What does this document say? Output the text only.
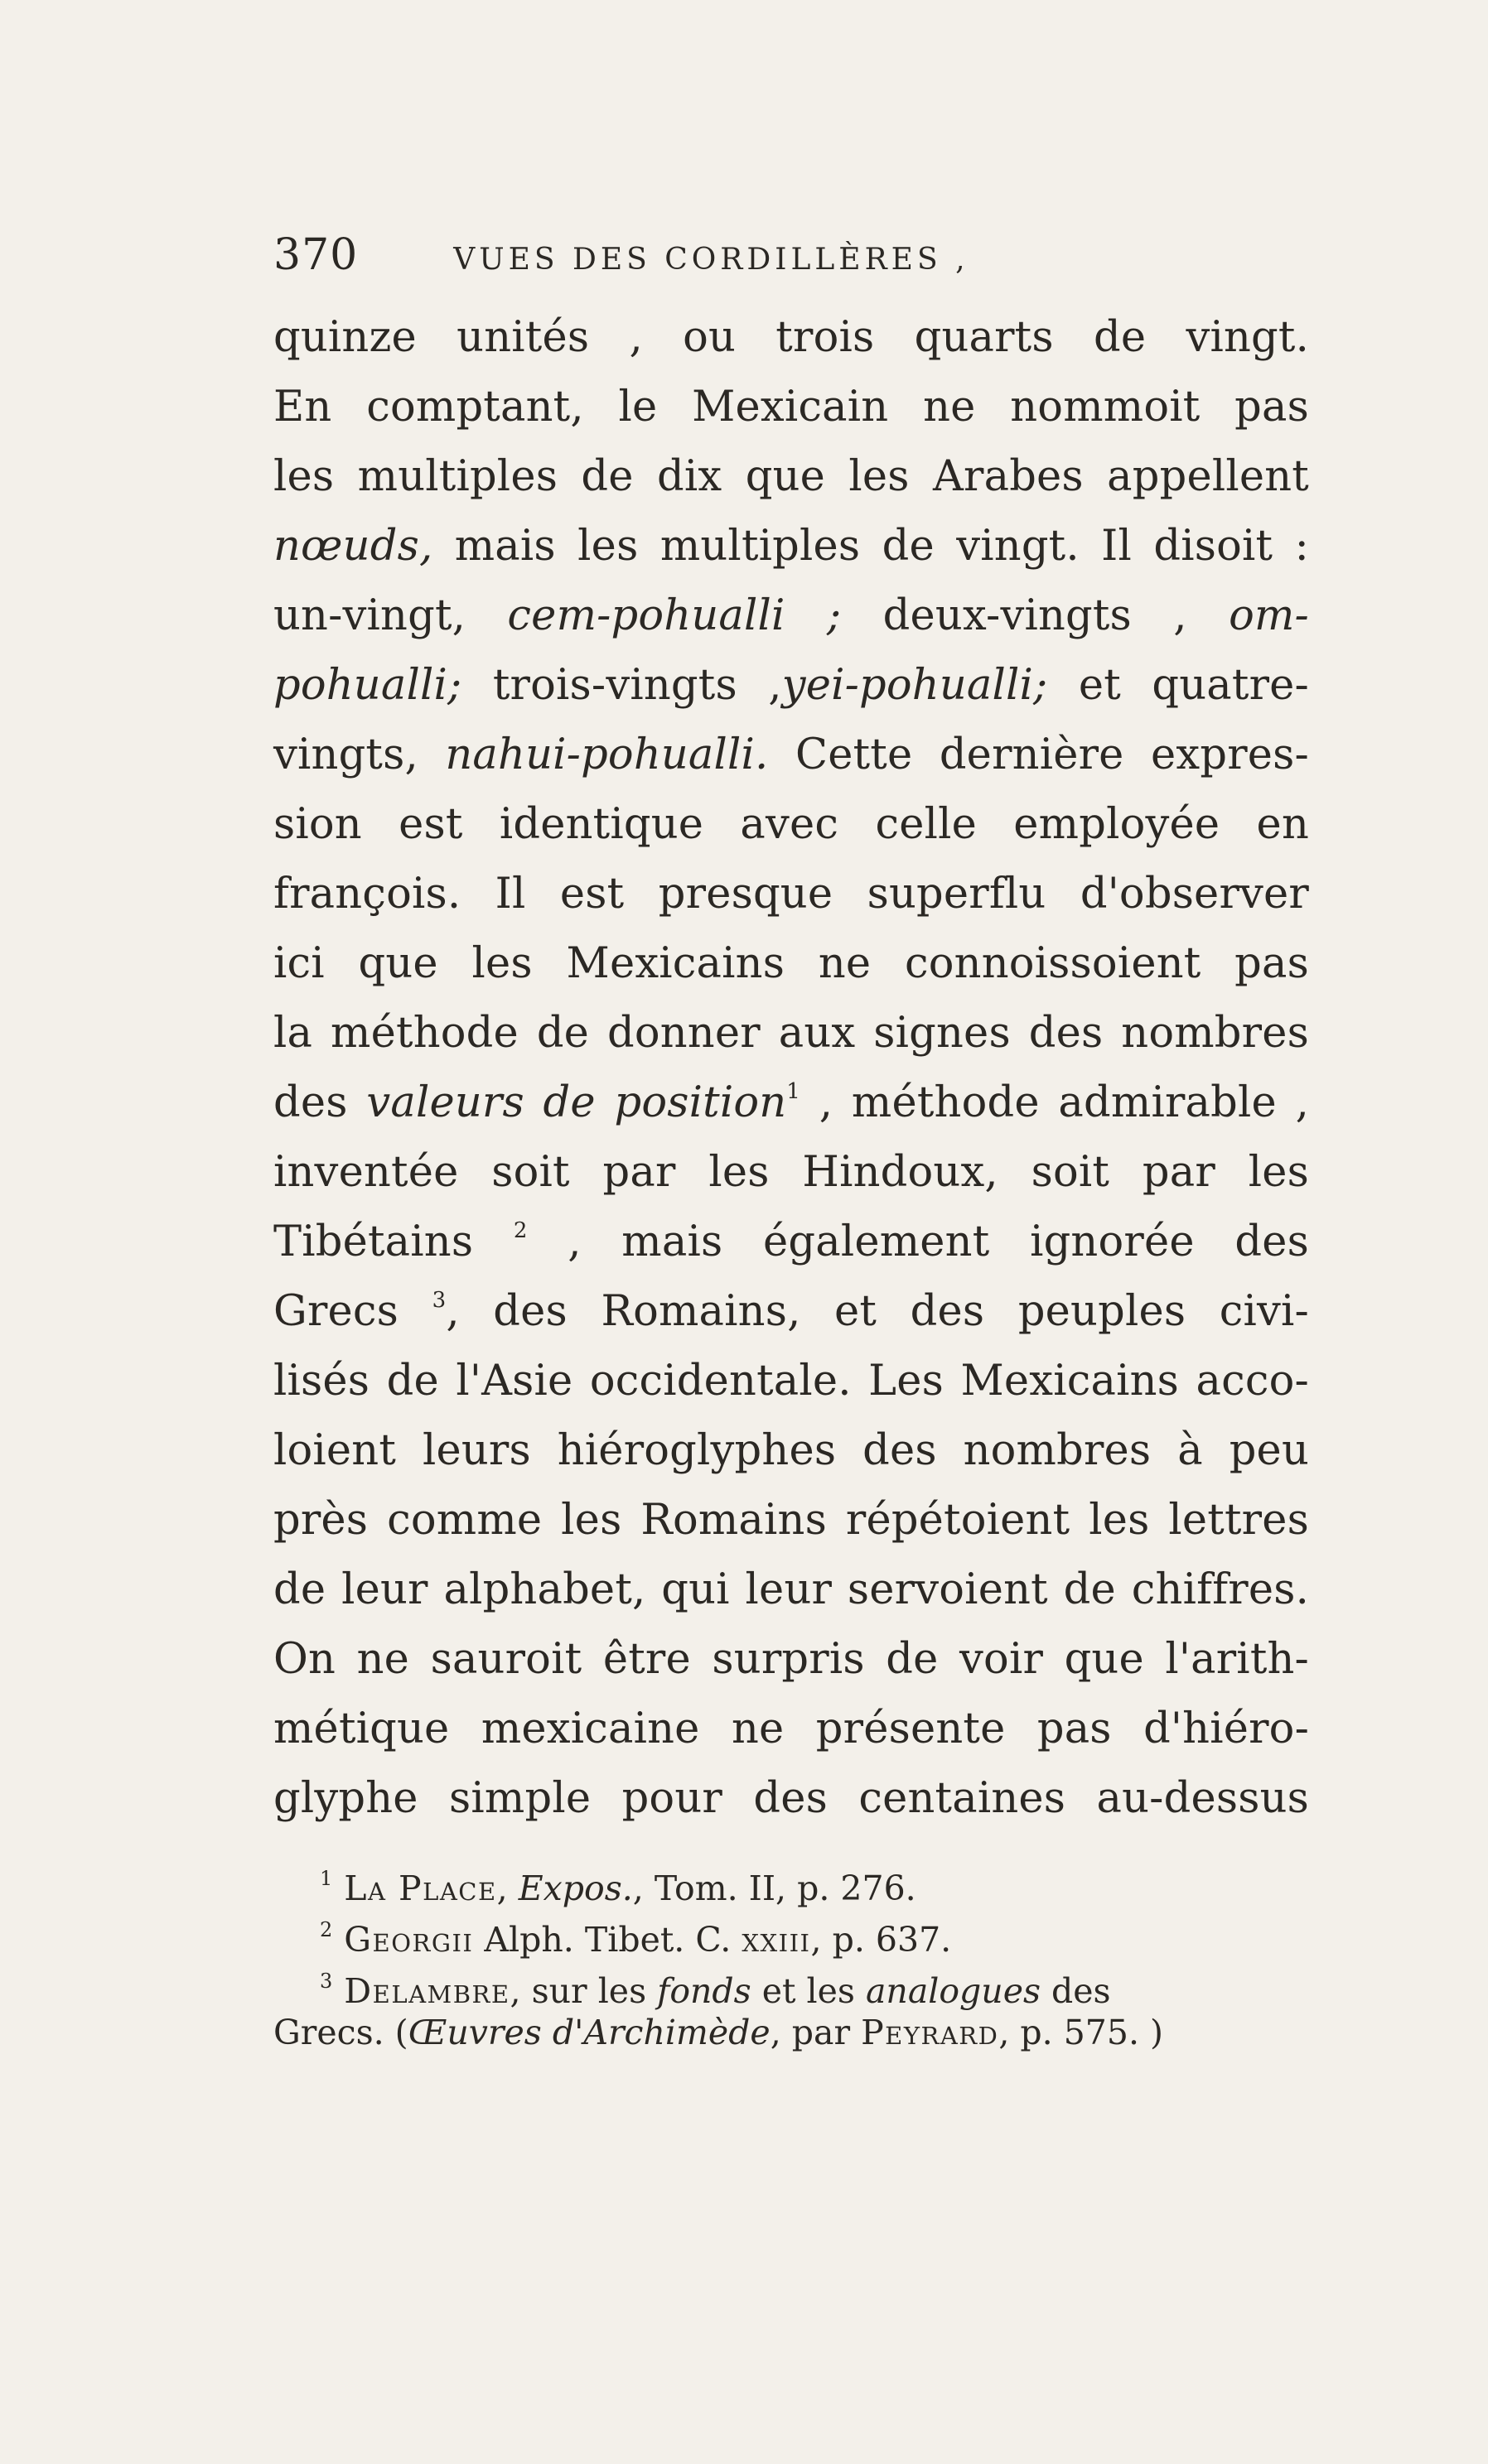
370	VUES DES CORDILLÈRES ,
quinze unités , ou trois quarts de vingt.
En comptant, le Mexicain ne nommoit pas
les multiples de dix que les Arabes appellent
nœuds, mais les multiples de vingt. Il disoit :
un-vingt, cem-pohualli ; deux-vingts , om-
pohualli; trois-vingts ,yei-pohualli; et quatre-
vingts, nahui-pohualli. Cette dernière expres-
sion est identique avec celle employée en
françois. Il est presque superflu d'observer
ici que les Mexicains ne connoissoient pas
la méthode de donner aux signes des nombres
des valeurs de position$^1$ , méthode admirable ,
inventée soit par les Hindoux, soit par les
Tibétains $^2$ , mais également ignorée des
Grecs $^3$, des Romains, et des peuples civi-
lisés de l'Asie occidentale. Les Mexicains acco-
loient leurs hiéroglyphes des nombres à peu
près comme les Romains répétoient les lettres
de leur alphabet, qui leur servoient de chiffres.
On ne sauroit être surpris de voir que l'arith-
métique mexicaine ne présente pas d'hiéro-
glyphe simple pour des centaines au-dessus
$^1$ La Place, Expos., Tom. II, p. 276.
$^2$ Georgii Alph. Tibet. C. xxiii, p. 637.
$^3$ Delambre, sur les fonds et les analogues des
Grecs. (Œuvres d'Archimède, par Peyrard, p. 575. )
